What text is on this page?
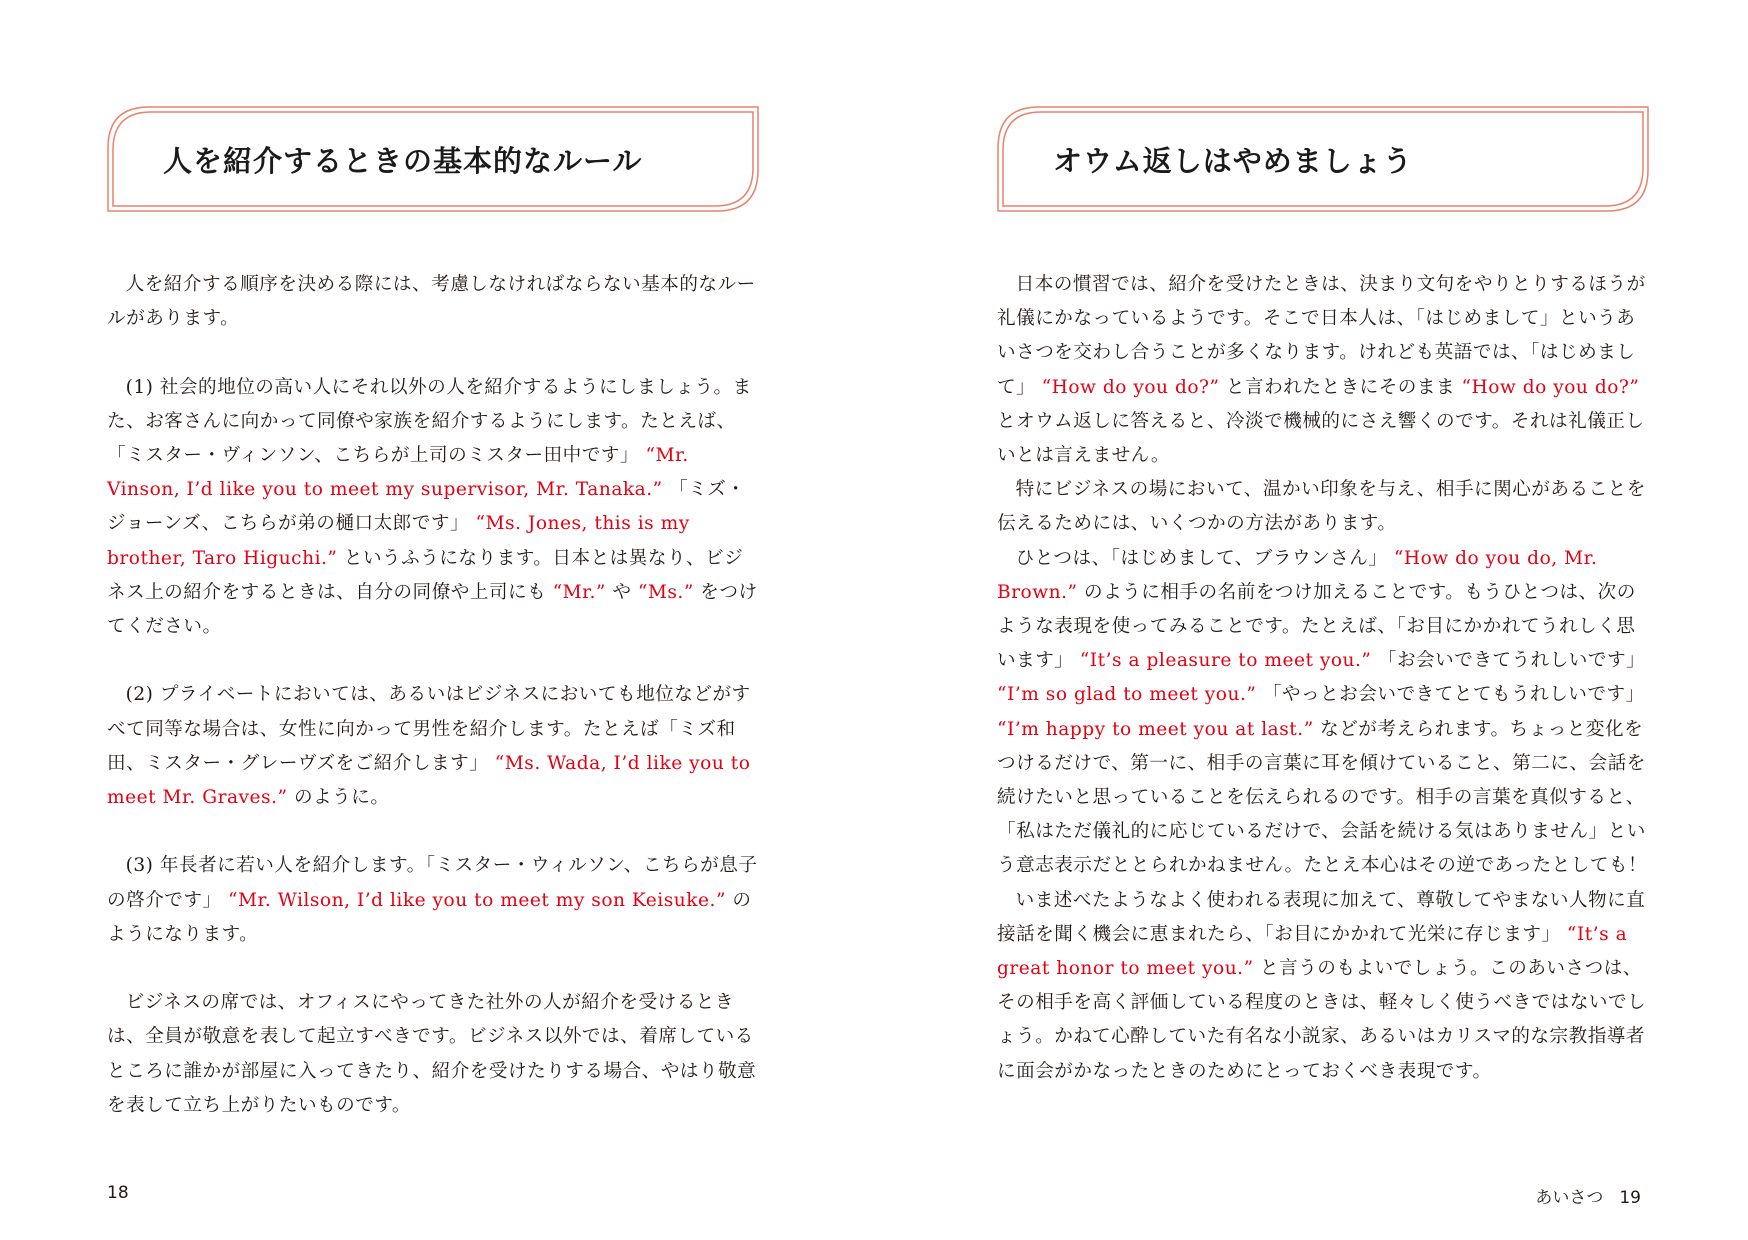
人を紹介するときの基本的なルール

人を紹介する順序を決める際には、考慮しなければならない基本的なルールがあります。

(1) 社会的地位の高い人にそれ以外の人を紹介するようにしましょう。また、お客さんに向かって同僚や家族を紹介するようにします。たとえば、「ミスター・ヴィンソン、こちらが上司のミスター田中です」 “Mr. Vinson, I’d like you to meet my supervisor, Mr. Tanaka.” 「ミズ・ジョーンズ、こちらが弟の樋口太郎です」 “Ms. Jones, this is my brother, Taro Higuchi.” というふうになります。日本とは異なり、ビジネス上の紹介をするときは、自分の同僚や上司にも “Mr.” や “Ms.” をつけてください。

(2) プライベートにおいては、あるいはビジネスにおいても地位などがすべて同等な場合は、女性に向かって男性を紹介します。たとえば「ミズ和田、ミスター・グレーヴズをご紹介します」 “Ms. Wada, I’d like you to meet Mr. Graves.” のように。

(3) 年長者に若い人を紹介します。「ミスター・ウィルソン、こちらが息子の啓介です」 “Mr. Wilson, I’d like you to meet my son Keisuke.” のようになります。

ビジネスの席では、オフィスにやってきた社外の人が紹介を受けるときは、全員が敬意を表して起立すべきです。ビジネス以外では、着席しているところに誰かが部屋に入ってきたり、紹介を受けたりする場合、やはり敬意を表して立ち上がりたいものです。

18
オウム返しはやめましょう

日本の慣習では、紹介を受けたときは、決まり文句をやりとりするほうが礼儀にかなっているようです。そこで日本人は、「はじめまして」というあいさつを交わし合うことが多くなります。けれども英語では、「はじめまして」 “How do you do?” と言われたときにそのまま “How do you do?” とオウム返しに答えると、冷淡で機械的にさえ響くのです。それは礼儀正しいとは言えません。

特にビジネスの場において、温かい印象を与え、相手に関心があることを伝えるためには、いくつかの方法があります。

ひとつは、「はじめまして、ブラウンさん」 “How do you do, Mr. Brown.” のように相手の名前をつけ加えることです。もうひとつは、次のような表現を使ってみることです。たとえば、「お目にかかれてうれしく思います」 “It’s a pleasure to meet you.” 「お会いできてうれしいです」 “I’m so glad to meet you.” 「やっとお会いできてとてもうれしいです」 “I’m happy to meet you at last.” などが考えられます。ちょっと変化をつけるだけで、第一に、相手の言葉に耳を傾けていること、第二に、会話を続けたいと思っていることを伝えられるのです。相手の言葉を真似すると、「私はただ儀礼的に応じているだけで、会話を続ける気はありません」という意志表示だととられかねません。たとえ本心はその逆であったとしても！

いま述べたようなよく使われる表現に加えて、尊敬してやまない人物に直接話を聞く機会に恵まれたら、「お目にかかれて光栄に存じます」 “It’s a great honor to meet you.” と言うのもよいでしょう。このあいさつは、その相手を高く評価している程度のときは、軽々しく使うべきではないでしょう。かねて心酔していた有名な小説家、あるいはカリスマ的な宗教指導者に面会がかなったときのためにとっておくべき表現です。

あいさつ 19
